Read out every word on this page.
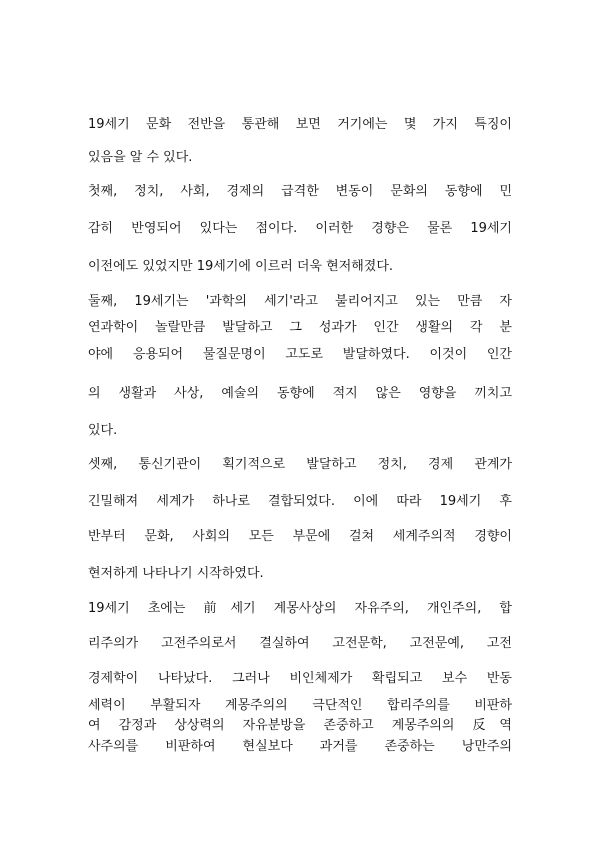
19세기 문화 전반을 통관해 보면 거기에는 몇 가지 특징이
있음을 알 수 있다.
첫째, 정치, 사회, 경제의 급격한 변동이 문화의 동향에 민
감히 반영되어 있다는 점이다. 이러한 경향은 물론 19세기
이전에도 있었지만 19세기에 이르러 더욱 현저해졌다.
둘째, 19세기는 '과학의 세기'라고 불리어지고 있는 만큼 자
연과학이 놀랄만큼 발달하고 그 성과가 인간 생활의 각 분
야에 응용되어 물질문명이 고도로 발달하였다. 이것이 인간
의 생활과 사상, 예술의 동향에 적지 않은 영향을 끼치고
있다.
셋째, 통신기관이 획기적으로 발달하고 정치, 경제 관계가
긴밀해져 세계가 하나로 결합되었다. 이에 따라 19세기 후
반부터 문화, 사회의 모든 부문에 걸쳐 세계주의적 경향이
현저하게 나타나기 시작하였다.
19세기 초에는 前세기 계몽사상의 자유주의, 개인주의, 합
리주의가 고전주의로서 결실하여 고전문학, 고전문예, 고전
경제학이 나타났다. 그러나 비인체제가 확립되고 보수 반동
세력이 부활되자 계몽주의의 극단적인 합리주의를 비판하
여 감정과 상상력의 자유분방을 존중하고 계몽주의의 反역
사주의를 비판하여 현실보다 과거를 존중하는 낭만주의
